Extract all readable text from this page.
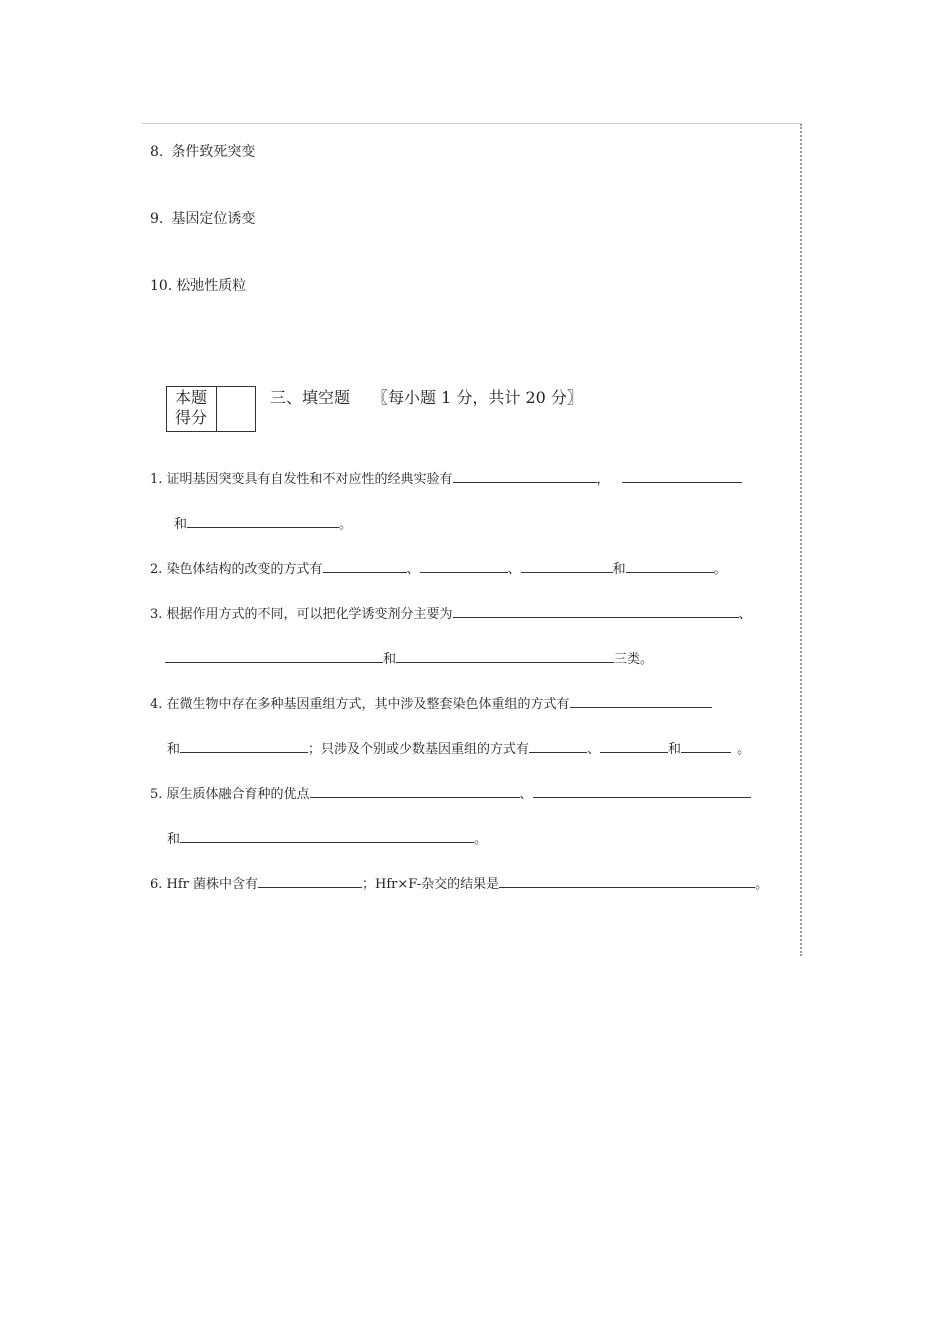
8. 条件致死突变
9. 基因定位诱变
10. 松弛性质粒
本题
得分
三、填空题 〖每小题 1 分，共计 20 分〗
1. 证明基因突变具有自发性和不对应性的经典实验有	，
和	。
2. 染色体结构的改变的方式有	、	、	和	。
3. 根据作用方式的不同，可以把化学诱变剂分主要为	、
和	三类。
4. 在微生物中存在多种基因重组方式，其中涉及整套染色体重组的方式有
和	；只涉及个别或少数基因重组的方式有	、	和	。
5. 原生质体融合育种的优点	、
和	。
6. Hfr 菌株中含有	；Hfr×F-杂交的结果是	。
